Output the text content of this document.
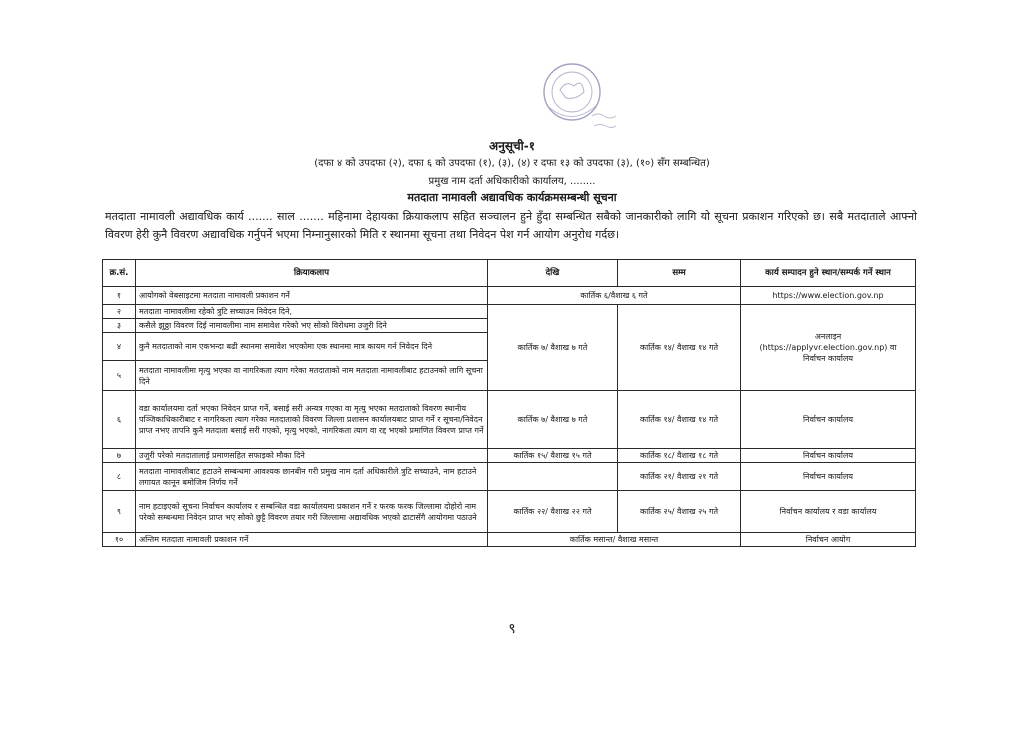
अनुसूची-१
(दफा ४ को उपदफा (२), दफा ६ को उपदफा (१), (३), (४) र दफा १३ को उपदफा (३), (१०) सँग सम्बन्धित)
प्रमुख नाम दर्ता अधिकारीको कार्यालय, ........
मतदाता नामावली अद्यावधिक कार्यक्रमसम्बन्धी सूचना

मतदाता नामावली अद्यावधिक कार्य ....... साल ....... महिनामा देहायका क्रियाकलाप सहित सञ्चालन हुने हुँदा सम्बन्धित सबैको जानकारीको लागि यो सूचना प्रकाशन गरिएको छ। सबै मतदाताले आफ्नो विवरण हेरी कुनै विवरण अद्यावधिक गर्नुपर्ने भएमा निम्नानुसारको मिति र स्थानमा सूचना तथा निवेदन पेश गर्न आयोग अनुरोध गर्दछ।

क्र.सं.	क्रियाकलाप	देखि	सम्म	कार्य सम्पादन हुने स्थान/सम्पर्क गर्ने स्थान
१	आयोगको वेबसाइटमा मतदाता नामावली प्रकाशन गर्ने	कार्तिक ६/वैशाख ६ गते		https://www.election.gov.np
२	मतदाता नामावलीमा रहेको त्रुटि सच्याउन निवेदन दिने,	कार्तिक ७/ वैशाख ७ गते	कार्तिक १४/ वैशाख १४ गते	अनलाइन
(https://applyvr.election.gov.np) वा
निर्वाचन कार्यालय

३	कसैले झुठ्ठा विवरण दिई नामावलीमा नाम समावेश गरेको भए सोको विरोधमा उजुरी दिने			
४	कुनै मतदाताको नाम एकभन्दा बढी स्थानमा समावेश भएकोमा एक स्थानमा मात्र कायम गर्न निवेदन दिने			
५	मतदाता नामावलीमा मृत्यु भएका वा नागरिकता त्याग गरेका मतदाताको नाम मतदाता नामावलीबाट हटाउनको लागि सूचना दिने			
६	वडा कार्यालयमा दर्ता भएका निवेदन प्राप्त गर्ने, बसाई सरी अन्यत्र गएका वा मृत्यु भएका मतदाताको विवरण स्थानीय पञ्जिकाधिकारीबाट र नागरिकता त्याग गरेका मतदाताको विवरण जिल्ला प्रशासन कार्यालयबाट प्राप्त गर्ने र सूचना/निवेदन प्राप्त नभए तापनि कुनै मतदाता बसाई सरी गएको, मृत्यु भएको, नागरिकता त्याग वा रद्द भएको प्रमाणित विवरण प्राप्त गर्ने	कार्तिक ७/ वैशाख ७ गते	कार्तिक १४/ वैशाख १४ गते	निर्वाचन कार्यालय
७	उजुरी परेको मतदातालाई प्रमाणसहित सफाइको मौका दिने	कार्तिक १५/ वैशाख १५ गते	कार्तिक १८/ वैशाख १८ गते	निर्वाचन कार्यालय
८	मतदाता नामावलीबाट हटाउने सम्बन्धमा आवश्यक छानबीन गरी प्रमुख नाम दर्ता अधिकारीले त्रुटि सच्याउने, नाम हटाउने लगायत कानून बमोजिम निर्णय गर्ने		कार्तिक २१/ वैशाख २१ गते	निर्वाचन कार्यालय
९	नाम हटाइएको सूचना निर्वाचन कार्यालय र सम्बन्धित वडा कार्यालयमा प्रकाशन गर्ने र फरक फरक जिल्लामा दोहोरो नाम परेको सम्बन्धमा निवेदन प्राप्त भए सोको छुट्टै विवरण तयार गरी जिल्लामा अद्यावधिक भएको ढाटासँगै आयोगमा पठाउने	कार्तिक २२/ वैशाख २२ गते	कार्तिक २५/ वैशाख २५ गते	निर्वाचन कार्यालय र वडा कार्यालय
१०	अन्तिम मतदाता नामावली प्रकाशन गर्ने	कार्तिक मसान्त/ वैशाख मसान्त		निर्वाचन आयोग
९
